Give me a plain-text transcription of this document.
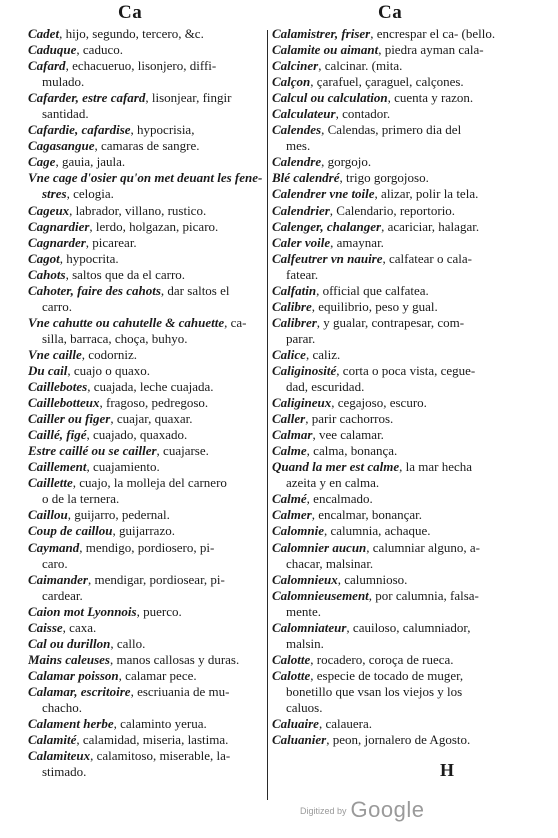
Ca	Ca
Cadet, hijo, segundo, tercero, &c.
Caduque, caduco.
Cafard, echacueruo, lisonjero, diffi-
mulado.
Cafarder, estre cafard, lisonjear, fingir
santidad.
Cafardie, cafardise, hypocrisia,
Cagasangue, camaras de sangre.
Cage, gauia, jaula.
Vne cage d'osier qu'on met deuant les fene-
stres, celogia.
Cageux, labrador, villano, rustico.
Cagnardier, lerdo, holgazan, picaro.
Cagnarder, picarear.
Cagot, hypocrita.
Cahots, saltos que da el carro.
Cahoter, faire des cahots, dar saltos el
carro.
Vne cahutte ou cahutelle & cahuette, ca-
silla, barraca, choça, buhyo.
Vne caille, codorniz.
Du cail, cuajo o quaxo.
Caillebotes, cuajada, leche cuajada.
Caillebotteux, fragoso, pedregoso.
Cailler ou figer, cuajar, quaxar.
Caillé, figé, cuajado, quaxado.
Estre caillé ou se cailler, cuajarse.
Caillement, cuajamiento.
Caillette, cuajo, la molleja del carnero
o de la ternera.
Caillou, guijarro, pedernal.
Coup de caillou, guijarrazo.
Caymand, mendigo, pordiosero, pi-
caro.
Caimander, mendigar, pordiosear, pi-
cardear.
Caion mot Lyonnois, puerco.
Caisse, caxa.
Cal ou durillon, callo.
Mains caleuses, manos callosas y duras.
Calamar poisson, calamar pece.
Calamar, escritoire, escriuania de mu-
chacho.
Calament herbe, calaminto yerua.
Calamité, calamidad, miseria, lastima.
Calamiteux, calamitoso, miserable, la-
stimado.
Calamistrer, friser, encrespar el ca- (bello.
Calamite ou aimant, piedra ayman cala-
Calciner, calcinar. (mita.
Calçon, çarafuel, çaraguel, calçones.
Calcul ou calculation, cuenta y razon.
Calculateur, contador.
Calendes, Calendas, primero dia del
mes.
Calendre, gorgojo.
Blé calendré, trigo gorgojoso.
Calendrer vne toile, alizar, polir la tela.
Calendrier, Calendario, reportorio.
Calenger, chalanger, acariciar, halagar.
Caler voile, amaynar.
Calfeutrer vn nauire, calfatear o cala-
fatear.
Calfatin, official que calfatea.
Calibre, equilibrio, peso y gual.
Calibrer, y gualar, contrapesar, com-
parar.
Calice, caliz.
Caliginosité, corta o poca vista, cegue-
dad, escuridad.
Caligineux, cegajoso, escuro.
Caller, parir cachorros.
Calmar, vee calamar.
Calme, calma, bonança.
Quand la mer est calme, la mar hecha
azeita y en calma.
Calmé, encalmado.
Calmer, encalmar, bonançar.
Calomnie, calumnia, achaque.
Calomnier aucun, calumniar alguno, a-
chacar, malsinar.
Calomnieux, calumnioso.
Calomnieusement, por calumnia, falsa-
mente.
Calomniateur, cauiloso, calumniador,
malsin.
Calotte, rocadero, coroça de rueca.
Calotte, especie de tocado de muger,
bonetillo que vsan los viejos y los
caluos.
Caluaire, calauera.
Caluanier, peon, jornalero de Agosto.
H
Digitized by Google
